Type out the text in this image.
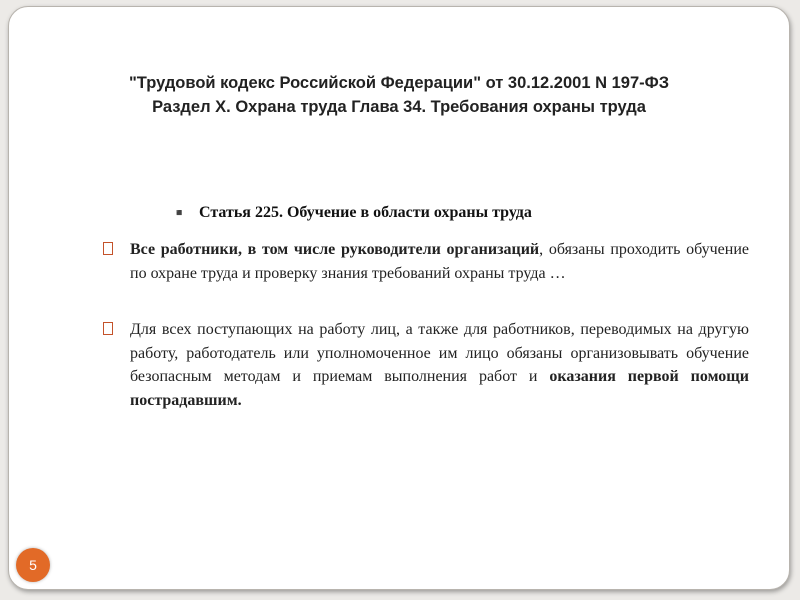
"Трудовой кодекс Российской Федерации" от 30.12.2001 N 197-ФЗ
Раздел X. Охрана труда Глава 34. Требования охраны труда
◾ Статья 225. Обучение в области охраны труда
Все работники, в том числе руководители организаций, обязаны проходить обучение по охране труда и проверку знания требований охраны труда …
Для всех поступающих на работу лиц, а также для работников, переводимых на другую работу, работодатель или уполномоченное им лицо обязаны организовывать обучение безопасным методам и приемам выполнения работ и оказания первой помощи пострадавшим.
5
